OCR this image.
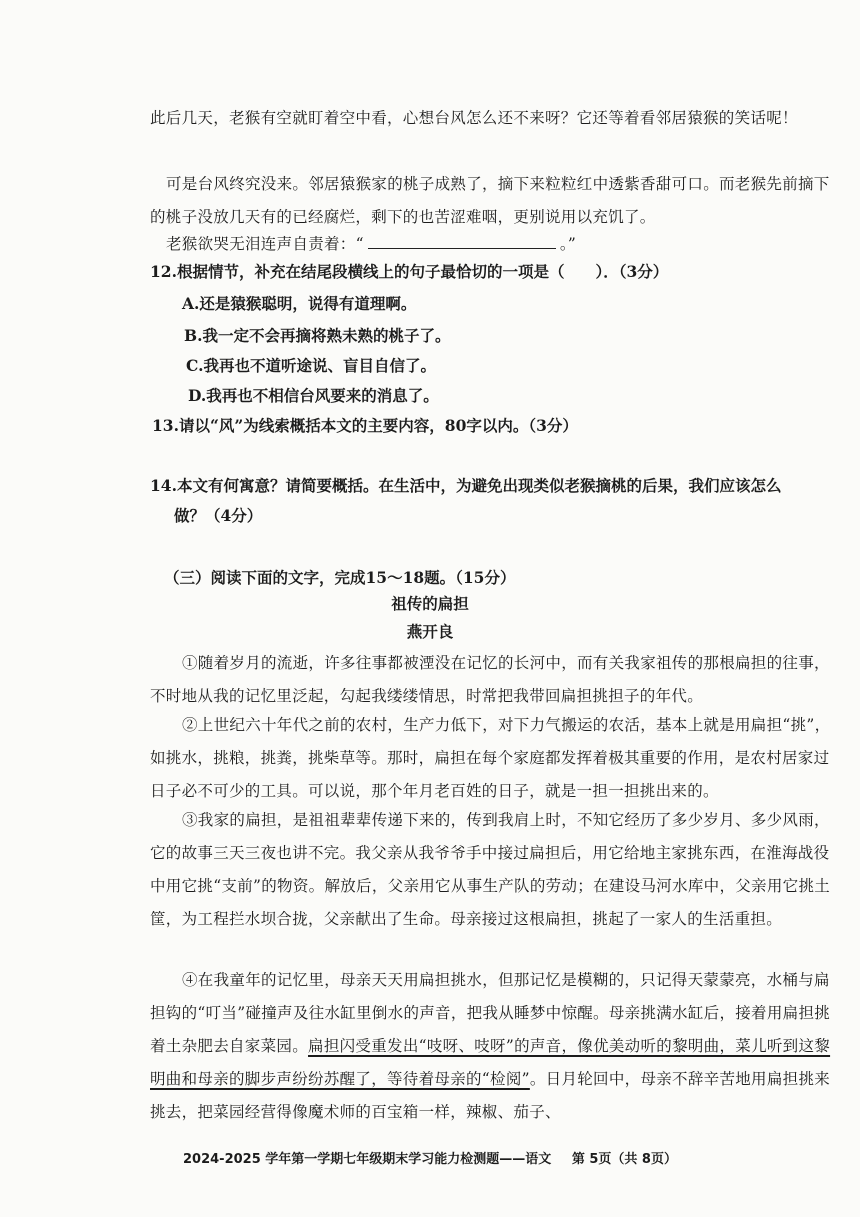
此后几天，老猴有空就盯着空中看，心想台风怎么还不来呀？它还等着看邻居猿猴的笑话呢！
可是台风终究没来。邻居猿猴家的桃子成熟了，摘下来粒粒红中透紫香甜可口。而老猴先前摘下的桃子没放几天有的已经腐烂，剩下的也苦涩难咽，更别说用以充饥了。
老猴欲哭无泪连声自责着：“	。”
12.根据情节，补充在结尾段横线上的句子最恰切的一项是（　　）．（3分）
A.还是猿猴聪明，说得有道理啊。
B.我一定不会再摘将熟未熟的桃子了。
C.我再也不道听途说、盲目自信了。
D.我再也不相信台风要来的消息了。
13.请以“风”为线索概括本文的主要内容，80字以内。（3分）
14.本文有何寓意？请简要概括。在生活中，为避免出现类似老猴摘桃的后果，我们应该怎么
做？（4分）
（三）阅读下面的文字，完成15～18题。（15分）
祖传的扁担
燕开良
①随着岁月的流逝，许多往事都被湮没在记忆的长河中，而有关我家祖传的那根扁担的往事，不时地从我的记忆里泛起，勾起我缕缕情思，时常把我带回扁担挑担子的年代。
②上世纪六十年代之前的农村，生产力低下，对下力气搬运的农活，基本上就是用扁担“挑”，如挑水，挑粮，挑粪，挑柴草等。那时，扁担在每个家庭都发挥着极其重要的作用，是农村居家过日子必不可少的工具。可以说，那个年月老百姓的日子，就是一担一担挑出来的。
③我家的扁担，是祖祖辈辈传递下来的，传到我肩上时，不知它经历了多少岁月、多少风雨，它的故事三天三夜也讲不完。我父亲从我爷爷手中接过扁担后，用它给地主家挑东西，在淮海战役中用它挑“支前”的物资。解放后，父亲用它从事生产队的劳动；在建设马河水库中，父亲用它挑土筐，为工程拦水坝合拢，父亲献出了生命。母亲接过这根扁担，挑起了一家人的生活重担。
④在我童年的记忆里，母亲天天用扁担挑水，但那记忆是模糊的，只记得天蒙蒙亮，水桶与扁担钩的“叮当”碰撞声及往水缸里倒水的声音，把我从睡梦中惊醒。母亲挑满水缸后，接着用扁担挑着土杂肥去自家菜园。扁担闪受重发出“吱呀、吱呀”的声音，像优美动听的黎明曲，菜儿听到这黎明曲和母亲的脚步声纷纷苏醒了，等待着母亲的“检阅”。日月轮回中，母亲不辞辛苦地用扁担挑来挑去，把菜园经营得像魔术师的百宝箱一样，辣椒、茄子、
2024-2025 学年第一学期七年级期末学习能力检测题——语文 第 5页（共 8页）
